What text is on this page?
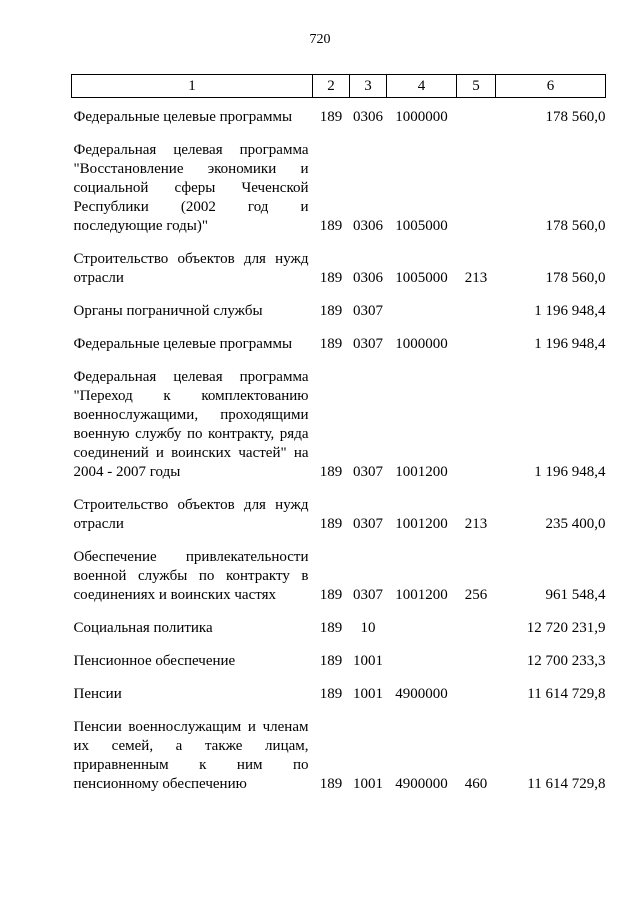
720
1	2	3	4	5	6
Федеральные целевые программы	189	0306	1000000		178 560,0
Федеральная целевая программа "Восстановление экономики и социальной сферы Чеченской Республики (2002 год и последующие годы)"	189	0306	1005000		178 560,0
Строительство объектов для нужд отрасли	189	0306	1005000	213	178 560,0
Органы пограничной службы	189	0307			1 196 948,4
Федеральные целевые программы	189	0307	1000000		1 196 948,4
Федеральная целевая программа "Переход к комплектованию военнослужащими, проходящими военную службу по контракту, ряда соединений и воинских частей" на 2004 - 2007 годы	189	0307	1001200		1 196 948,4
Строительство объектов для нужд отрасли	189	0307	1001200	213	235 400,0
Обеспечение привлекательности военной службы по контракту в соединениях и воинских частях	189	0307	1001200	256	961 548,4
Социальная политика	189	10			12 720 231,9
Пенсионное обеспечение	189	1001			12 700 233,3
Пенсии	189	1001	4900000		11 614 729,8
Пенсии военнослужащим и членам их семей, а также лицам, приравненным к ним по пенсионному обеспечению	189	1001	4900000	460	11 614 729,8
